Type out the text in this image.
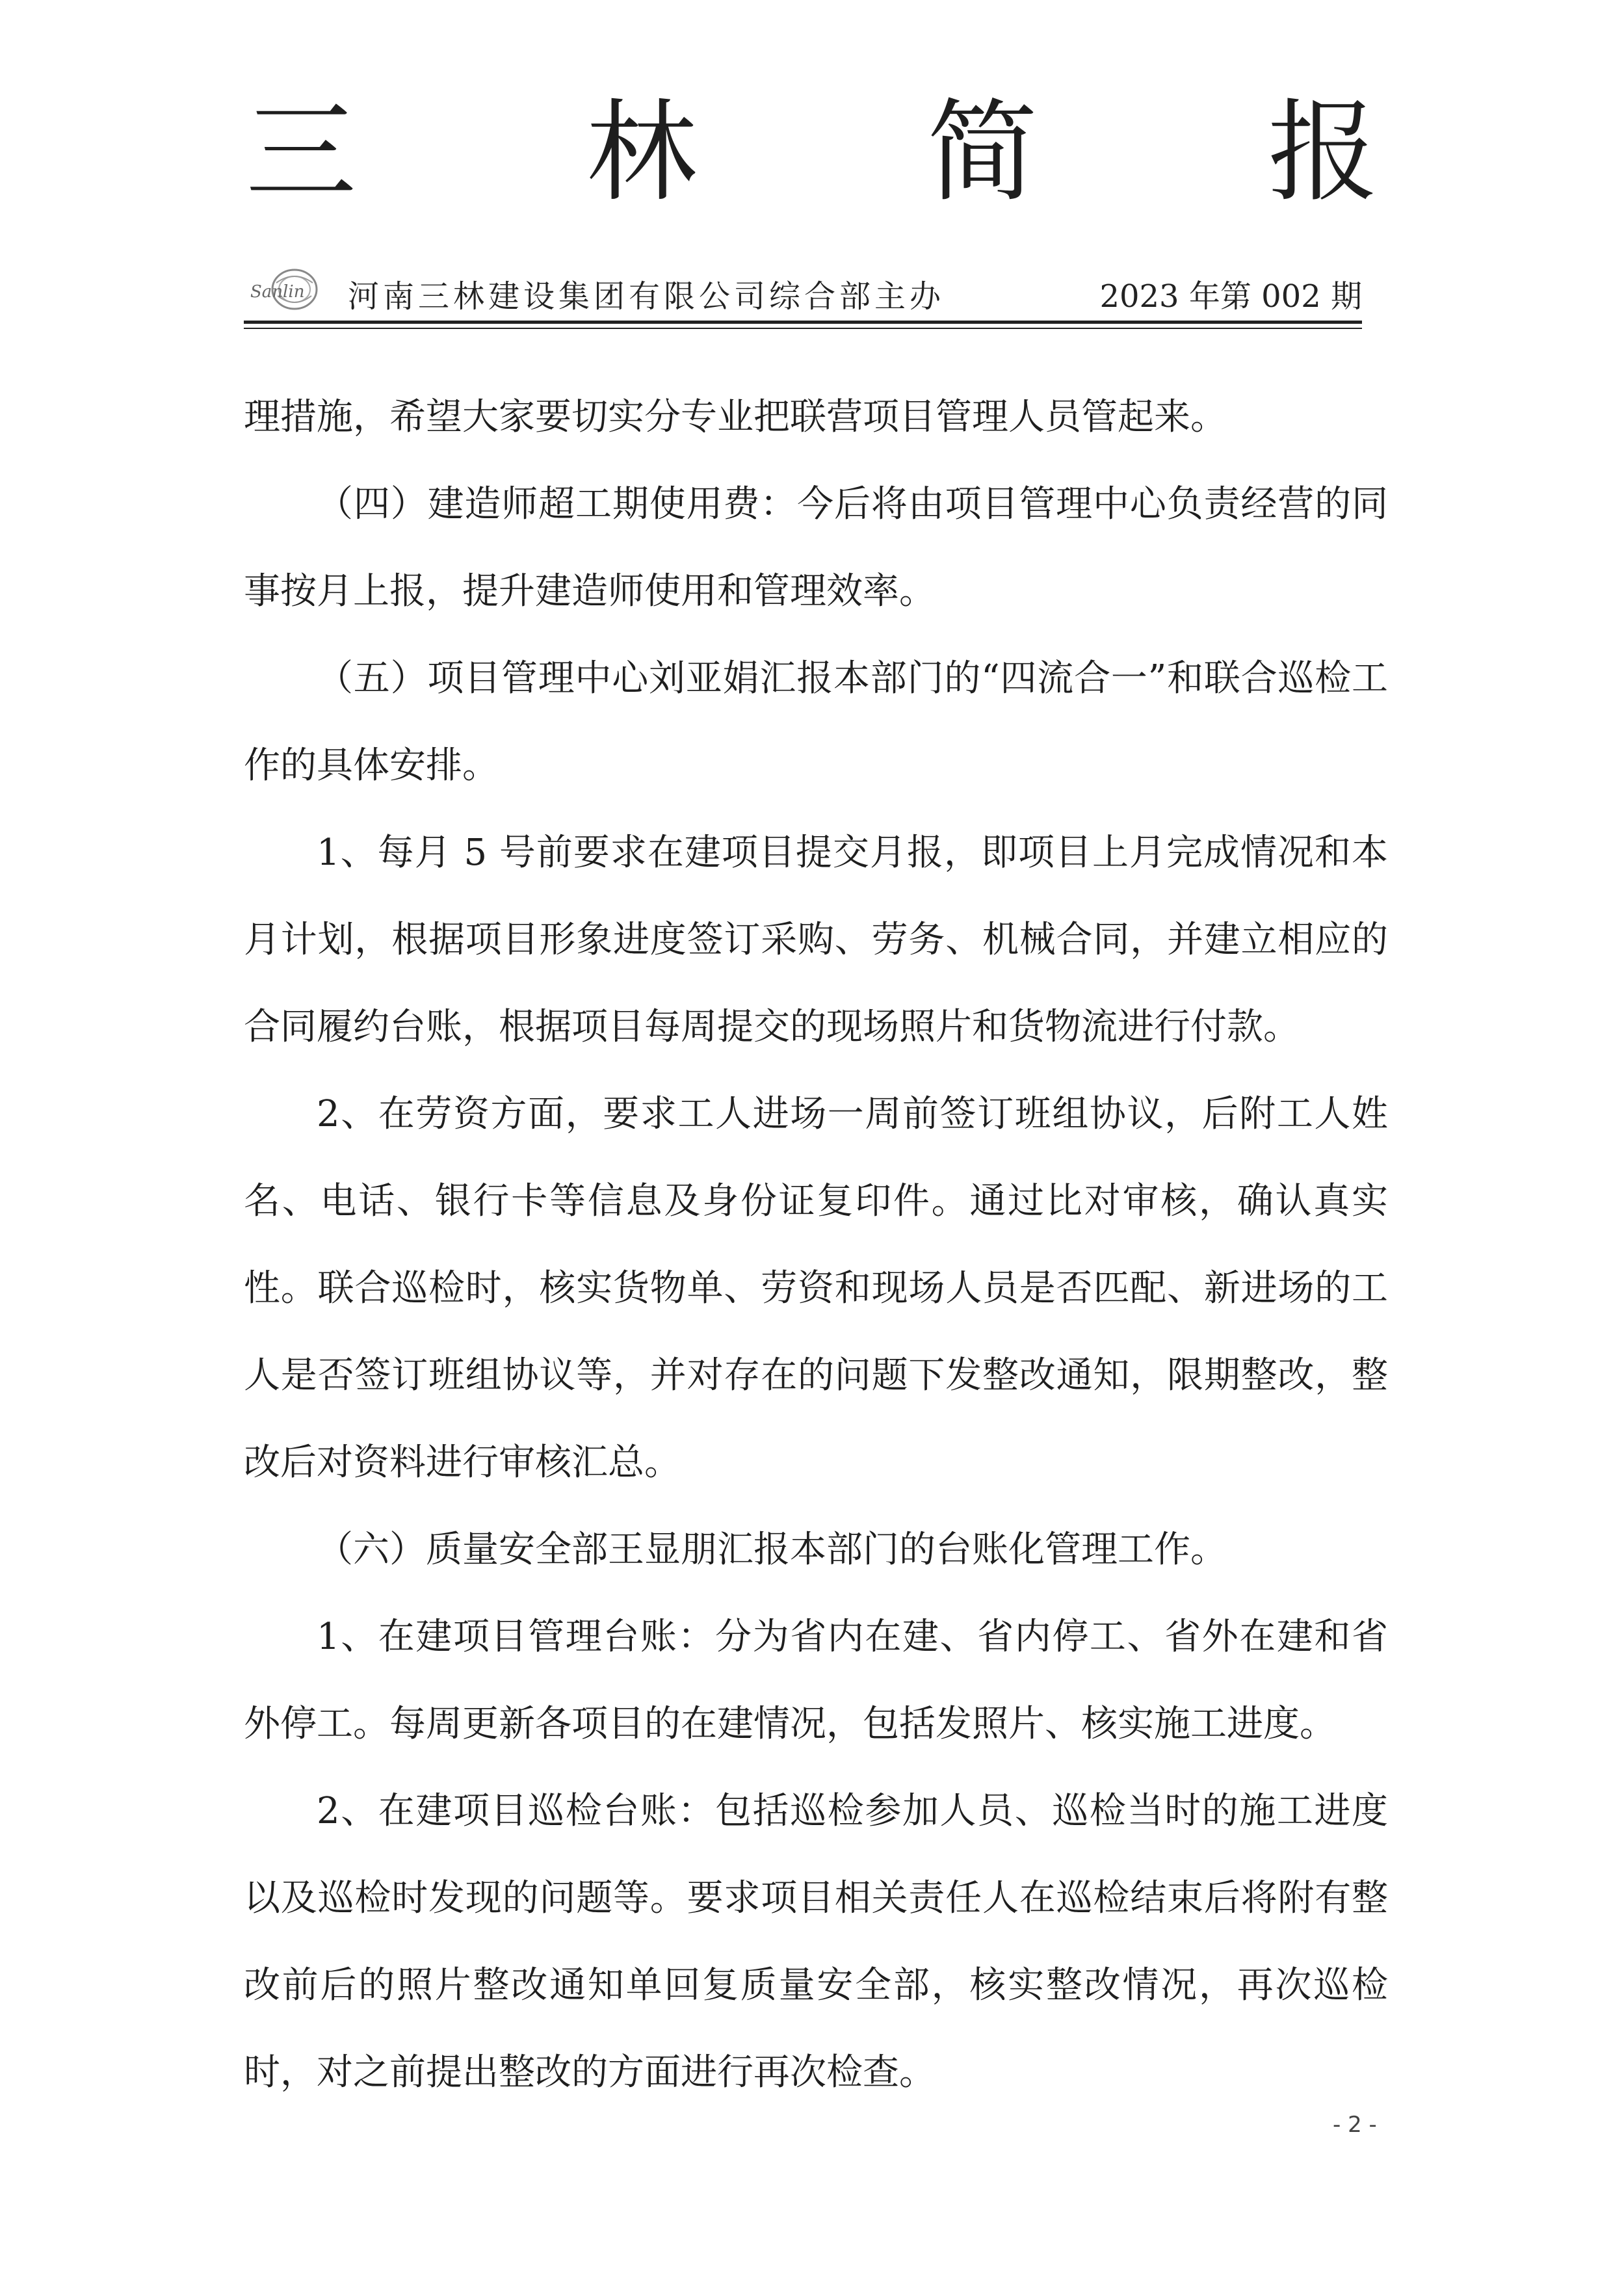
三 林 简 报
Sanlin 河南三林建设集团有限公司综合部主办	2023 年第 002 期

理措施，希望大家要切实分专业把联营项目管理人员管起来。

（四）建造师超工期使用费：今后将由项目管理中心负责经营的同事按月上报，提升建造师使用和管理效率。

（五）项目管理中心刘亚娟汇报本部门的“四流合一”和联合巡检工作的具体安排。

1、每月 5 号前要求在建项目提交月报，即项目上月完成情况和本月计划，根据项目形象进度签订采购、劳务、机械合同，并建立相应的合同履约台账，根据项目每周提交的现场照片和货物流进行付款。

2、在劳资方面，要求工人进场一周前签订班组协议，后附工人姓名、电话、银行卡等信息及身份证复印件。通过比对审核，确认真实性。联合巡检时，核实货物单、劳资和现场人员是否匹配、新进场的工人是否签订班组协议等，并对存在的问题下发整改通知，限期整改，整改后对资料进行审核汇总。

（六）质量安全部王显朋汇报本部门的台账化管理工作。

1、在建项目管理台账：分为省内在建、省内停工、省外在建和省外停工。每周更新各项目的在建情况，包括发照片、核实施工进度。

2、在建项目巡检台账：包括巡检参加人员、巡检当时的施工进度以及巡检时发现的问题等。要求项目相关责任人在巡检结束后将附有整改前后的照片整改通知单回复质量安全部，核实整改情况，再次巡检时，对之前提出整改的方面进行再次检查。

- 2 -
